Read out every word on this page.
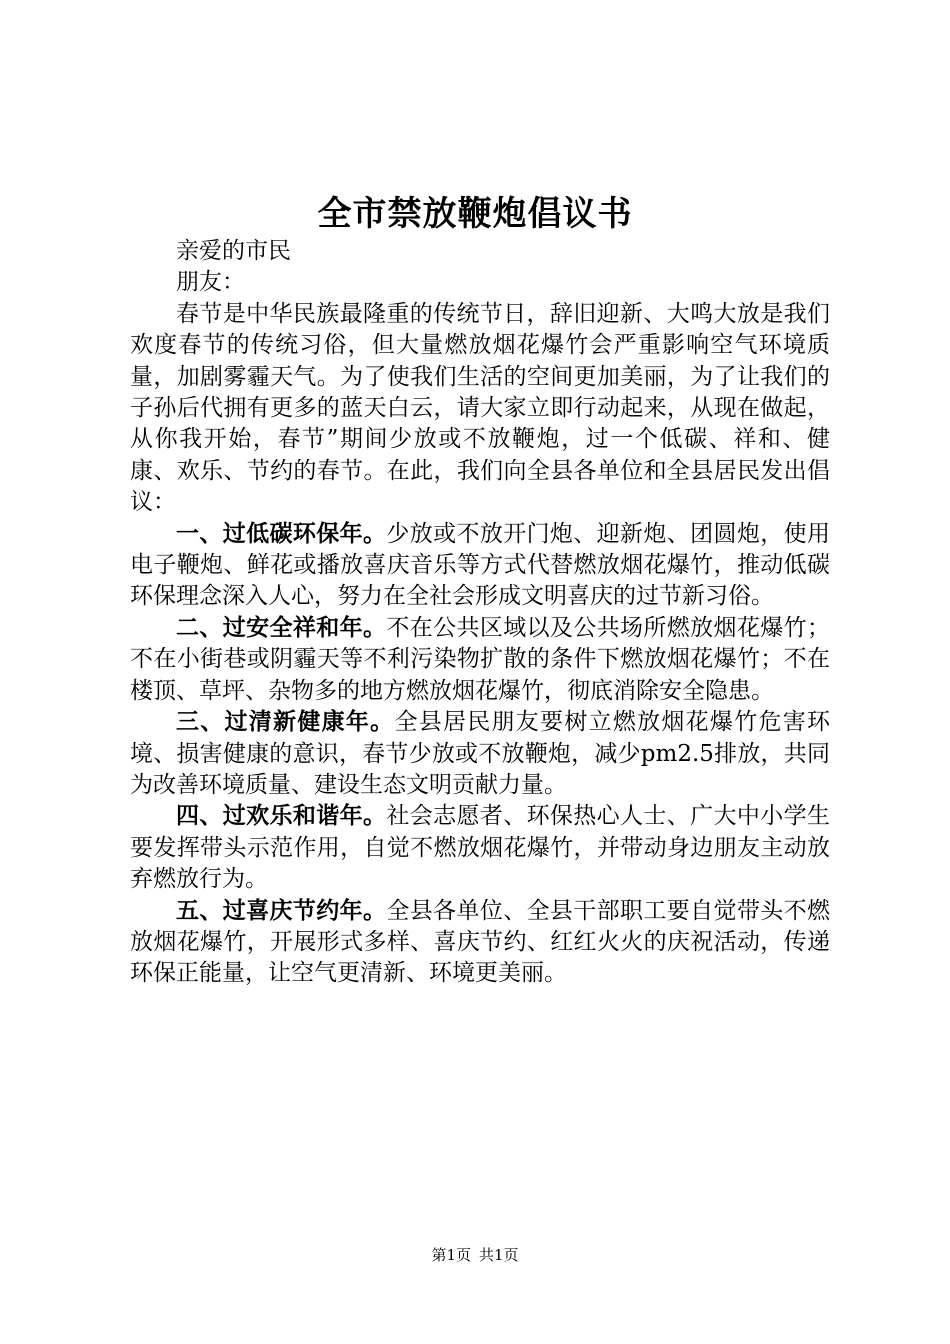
全市禁放鞭炮倡议书

亲爱的市民

朋友：

春节是中华民族最隆重的传统节日，辞旧迎新、大鸣大放是我们欢度春节的传统习俗，但大量燃放烟花爆竹会严重影响空气环境质量，加剧雾霾天气。为了使我们生活的空间更加美丽，为了让我们的子孙后代拥有更多的蓝天白云，请大家立即行动起来，从现在做起，从你我开始，春节”期间少放或不放鞭炮，过一个低碳、祥和、健康、欢乐、节约的春节。在此，我们向全县各单位和全县居民发出倡议：

一、过低碳环保年。少放或不放开门炮、迎新炮、团圆炮，使用电子鞭炮、鲜花或播放喜庆音乐等方式代替燃放烟花爆竹，推动低碳环保理念深入人心，努力在全社会形成文明喜庆的过节新习俗。

二、过安全祥和年。不在公共区域以及公共场所燃放烟花爆竹；不在小街巷或阴霾天等不利污染物扩散的条件下燃放烟花爆竹；不在楼顶、草坪、杂物多的地方燃放烟花爆竹，彻底消除安全隐患。

三、过清新健康年。全县居民朋友要树立燃放烟花爆竹危害环境、损害健康的意识，春节少放或不放鞭炮，减少pm2.5排放，共同为改善环境质量、建设生态文明贡献力量。

四、过欢乐和谐年。社会志愿者、环保热心人士、广大中小学生要发挥带头示范作用，自觉不燃放烟花爆竹，并带动身边朋友主动放弃燃放行为。

五、过喜庆节约年。全县各单位、全县干部职工要自觉带头不燃放烟花爆竹，开展形式多样、喜庆节约、红红火火的庆祝活动，传递环保正能量，让空气更清新、环境更美丽。

第1页 共1页
